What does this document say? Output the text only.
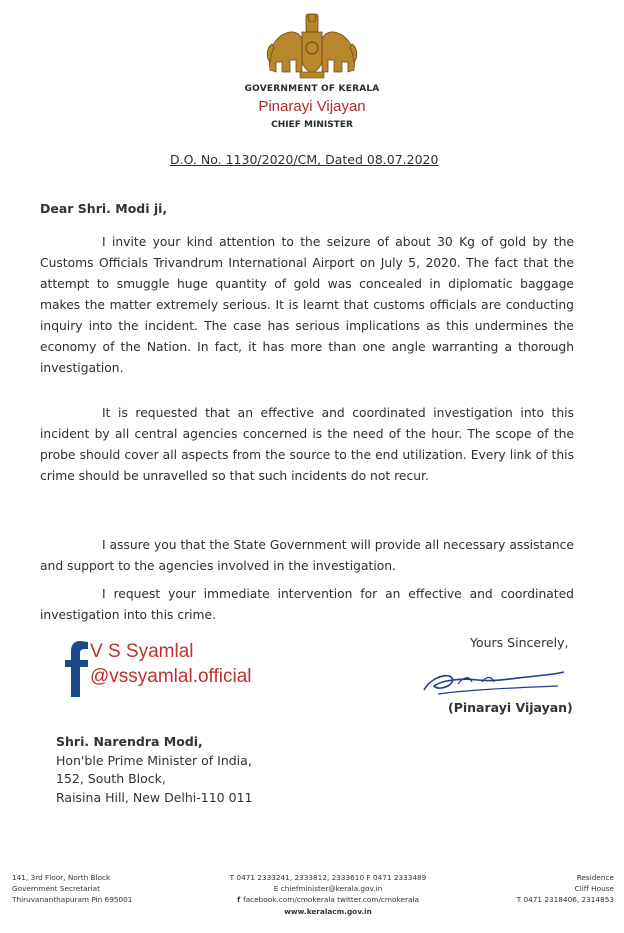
GOVERNMENT OF KERALA
Pinarayi Vijayan
CHIEF MINISTER
D.O. No. 1130/2020/CM, Dated 08.07.2020
Dear Shri. Modi ji,

I invite your kind attention to the seizure of about 30 Kg of gold by the Customs Officials Trivandrum International Airport on July 5, 2020. The fact that the attempt to smuggle huge quantity of gold was concealed in diplomatic baggage makes the matter extremely serious. It is learnt that customs officials are conducting inquiry into the incident. The case has serious implications as this undermines the economy of the Nation. In fact, it has more than one angle warranting a thorough investigation.

It is requested that an effective and coordinated investigation into this incident by all central agencies concerned is the need of the hour. The scope of the probe should cover all aspects from the source to the end utilization. Every link of this crime should be unravelled so that such incidents do not recur.

I assure you that the State Government will provide all necessary assistance and support to the agencies involved in the investigation.

I request your immediate intervention for an effective and coordinated investigation into this crime.

V S Syamlal
@vssyamlal.official
Yours Sincerely,
(Pinarayi Vijayan)
Shri. Narendra Modi,
Hon'ble Prime Minister of India,
152, South Block,
Raisina Hill, New Delhi-110 011
141, 3rd Floor, North Block
Government Secretariat
Thiruvananthapuram Pin 695001
T 0471 2333241, 2333812, 2333610 F 0471 2333489
E chiefminister@kerala.gov.in
f facebook.com/cmokerala twitter.com/cmokerala
www.keralacm.gov.in
Residence
Cliff House
T 0471 2318406, 2314853
